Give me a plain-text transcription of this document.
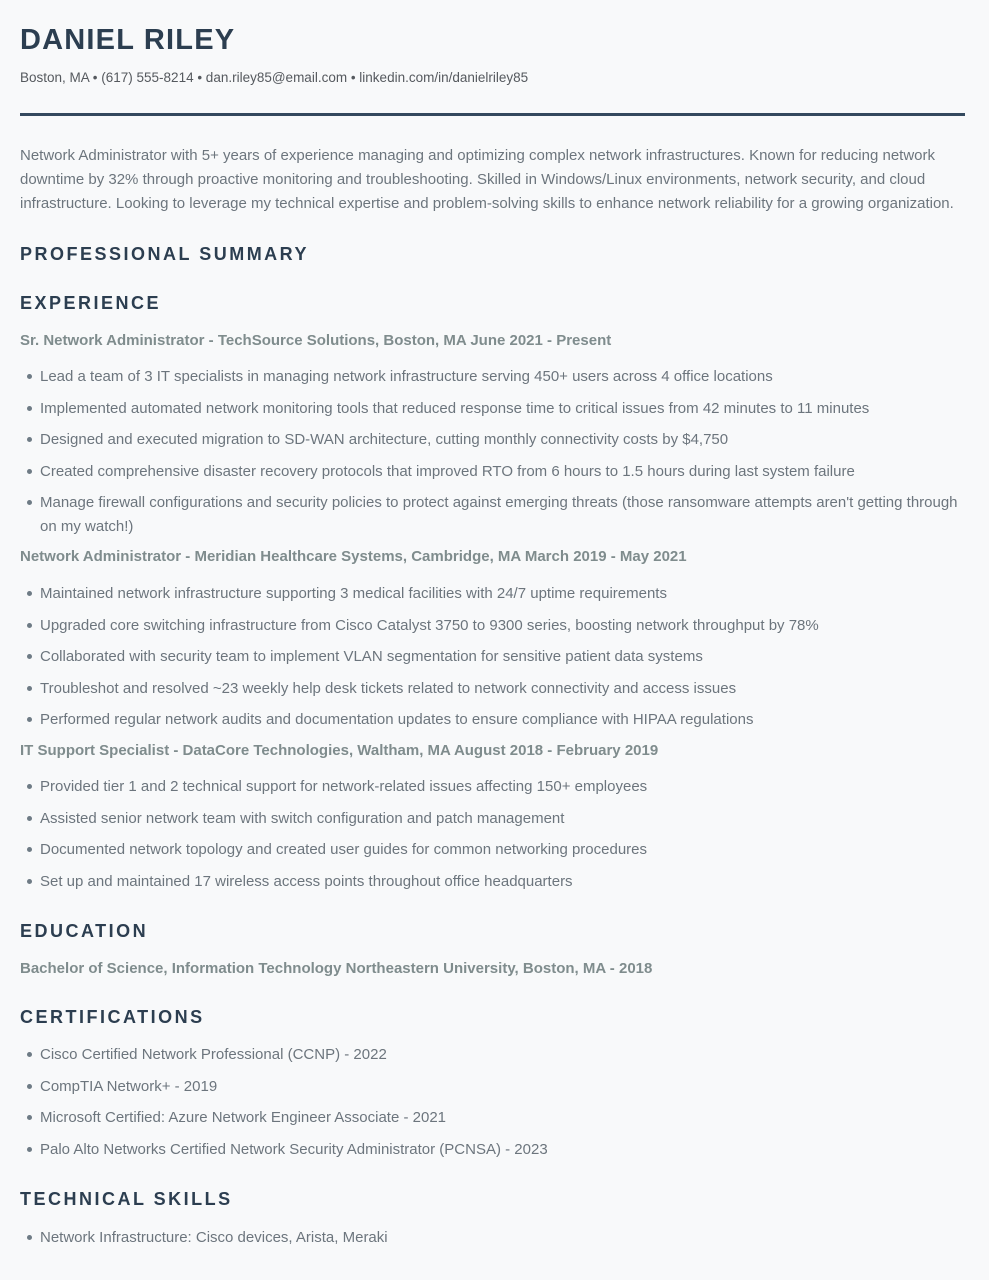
DANIEL RILEY
Boston, MA • (617) 555-8214 • dan.riley85@email.com • linkedin.com/in/danielriley85

Network Administrator with 5+ years of experience managing and optimizing complex network infrastructures. Known for reducing network downtime by 32% through proactive monitoring and troubleshooting. Skilled in Windows/Linux environments, network security, and cloud infrastructure. Looking to leverage my technical expertise and problem-solving skills to enhance network reliability for a growing organization.

PROFESSIONAL SUMMARY
EXPERIENCE
Sr. Network Administrator - TechSource Solutions, Boston, MA June 2021 - Present
Lead a team of 3 IT specialists in managing network infrastructure serving 450+ users across 4 office locations
Implemented automated network monitoring tools that reduced response time to critical issues from 42 minutes to 11 minutes
Designed and executed migration to SD-WAN architecture, cutting monthly connectivity costs by $4,750
Created comprehensive disaster recovery protocols that improved RTO from 6 hours to 1.5 hours during last system failure
Manage firewall configurations and security policies to protect against emerging threats (those ransomware attempts aren't getting through on my watch!)
Network Administrator - Meridian Healthcare Systems, Cambridge, MA March 2019 - May 2021
Maintained network infrastructure supporting 3 medical facilities with 24/7 uptime requirements
Upgraded core switching infrastructure from Cisco Catalyst 3750 to 9300 series, boosting network throughput by 78%
Collaborated with security team to implement VLAN segmentation for sensitive patient data systems
Troubleshot and resolved ~23 weekly help desk tickets related to network connectivity and access issues
Performed regular network audits and documentation updates to ensure compliance with HIPAA regulations
IT Support Specialist - DataCore Technologies, Waltham, MA August 2018 - February 2019
Provided tier 1 and 2 technical support for network-related issues affecting 150+ employees
Assisted senior network team with switch configuration and patch management
Documented network topology and created user guides for common networking procedures
Set up and maintained 17 wireless access points throughout office headquarters
EDUCATION
Bachelor of Science, Information Technology Northeastern University, Boston, MA - 2018
CERTIFICATIONS
Cisco Certified Network Professional (CCNP) - 2022
CompTIA Network+ - 2019
Microsoft Certified: Azure Network Engineer Associate - 2021
Palo Alto Networks Certified Network Security Administrator (PCNSA) - 2023
TECHNICAL SKILLS
Network Infrastructure: Cisco devices, Arista, Meraki
